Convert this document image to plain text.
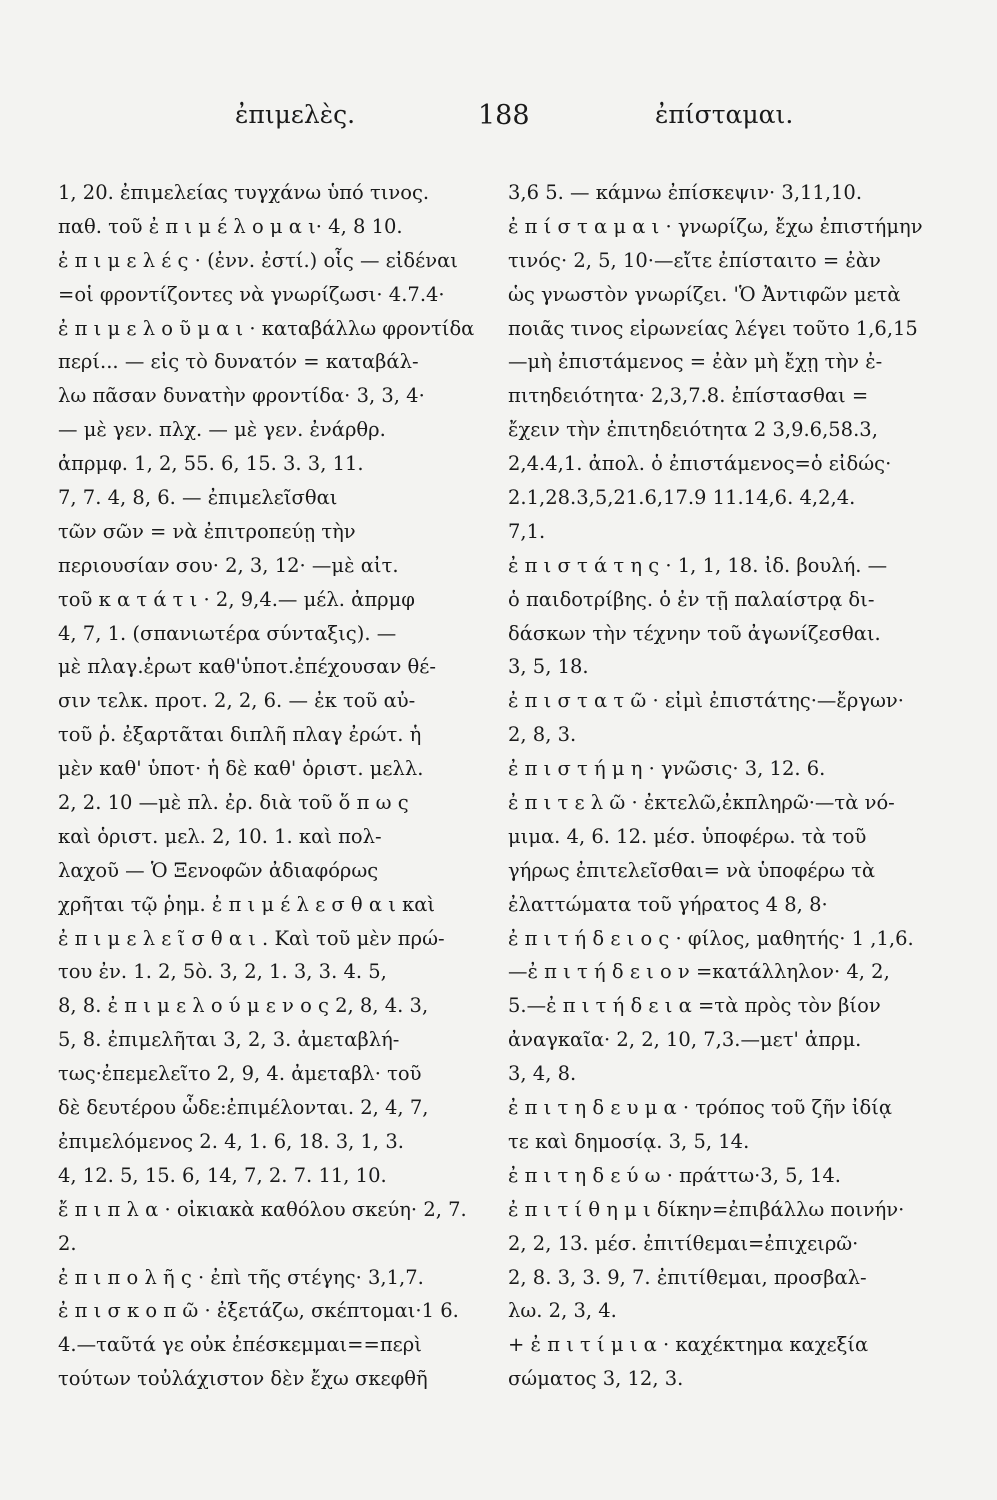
ἐπιμελὲς.	188	ἐπίσταμαι.
1, 20. ἐπιμελείας τυγχάνω ὑπό τινος.
παθ. τοῦ ἐ π ι μ έ λ ο μ α ι· 4, 8 10.
ἐ π ι μ ε λ έ ς · (ἐνν. ἐστί.) οἷς — εἰδέναι
=οἱ φροντίζοντες νὰ γνωρίζωσι· 4.7.4·
ἐ π ι μ ε λ ο ῦ μ α ι · καταβάλλω φροντίδα
περί... — εἰς τὸ δυνατόν = καταβάλ-
λω πᾶσαν δυνατὴν φροντίδα· 3, 3, 4·
— μὲ γεν. πλχ. — μὲ γεν. ἐνάρθρ.
ἀπρμφ. 1, 2, 55. 6, 15. 3. 3, 11.
7, 7. 4, 8, 6. — ἐπιμελεῖσθαι
τῶν σῶν = νὰ ἐπιτροπεύῃ τὴν
περιουσίαν σου· 2, 3, 12· —μὲ αἰτ.
τοῦ κ α τ ά τ ι · 2, 9,4.— μέλ. ἀπρμφ
4, 7, 1. (σπανιωτέρα σύνταξις). —
μὲ πλαγ.ἐρωτ καθ'ὑποτ.ἐπέχουσαν θέ-
σιν τελκ. προτ. 2, 2, 6. — ἐκ τοῦ αὐ-
τοῦ ῥ. ἐξαρτᾶται διπλῆ πλαγ ἐρώτ. ἡ
μὲν καθ' ὑποτ· ἡ δὲ καθ' ὁριστ. μελλ.
2, 2. 10 —μὲ πλ. ἐρ. διὰ τοῦ ὅ π ω ς
καὶ ὁριστ. μελ. 2, 10. 1. καὶ πολ-
λαχοῦ — Ὁ Ξενοφῶν ἀδιαφόρως
χρῆται τῷ ῥημ. ἐ π ι μ έ λ ε σ θ α ι καὶ
ἐ π ι μ ε λ ε ῖ σ θ α ι . Καὶ τοῦ μὲν πρώ-
του ἐν. 1. 2, 5ὸ. 3, 2, 1. 3, 3. 4. 5,
8, 8. ἐ π ι μ ε λ ο ύ μ ε ν ο ς 2, 8, 4. 3,
5, 8. ἐπιμελῆται 3, 2, 3. ἀμεταβλή-
τως·ἐπεμελεῖτο 2, 9, 4. ἀμεταβλ· τοῦ
δὲ δευτέρου ὧδε:ἐπιμέλονται. 2, 4, 7,
ἐπιμελόμενος 2. 4, 1. 6, 18. 3, 1, 3.
4, 12. 5, 15. 6, 14, 7, 2. 7. 11, 10.
ἔ π ι π λ α · οἰκιακὰ καθόλου σκεύη· 2, 7.
2.
ἐ π ι π ο λ ῆ ς · ἐπὶ τῆς στέγης· 3,1,7.
ἐ π ι σ κ ο π ῶ · ἐξετάζω, σκέπτομαι·1 6.
4.—ταῦτά γε οὐκ ἐπέσκεμμαι==περὶ
τούτων τοὐλάχιστον δὲν ἔχω σκεφθῆ
3,6 5. — κάμνω ἐπίσκεψιν· 3,11,10.
ἐ π ί σ τ α μ α ι · γνωρίζω, ἔχω ἐπιστήμην
τινός· 2, 5, 10·—εἴτε ἐπίσταιτο = ἐὰν
ὡς γνωστὸν γνωρίζει. 'Ὁ Ἀντιφῶν μετὰ
ποιᾶς τινος εἰρωνείας λέγει τοῦτο 1,6,15
—μὴ ἐπιστάμενος = ἐὰν μὴ ἔχῃ τὴν ἐ-
πιτηδειότητα· 2,3,7.8. ἐπίστασθαι =
ἔχειν τὴν ἐπιτηδειότητα 2 3,9.6,58.3,
2,4.4,1. ἀπολ. ὁ ἐπιστάμενος=ὁ εἰδώς·
2.1,28.3,5,21.6,17.9 11.14,6. 4,2,4.
7,1.
ἐ π ι σ τ ά τ η ς · 1, 1, 18. ἰδ. βουλή. —
ὁ παιδοτρίβης. ὁ ἐν τῇ παλαίστρᾳ δι-
δάσκων τὴν τέχνην τοῦ ἀγωνίζεσθαι.
3, 5, 18.
ἐ π ι σ τ α τ ῶ · εἰμὶ ἐπιστάτης·—ἔργων·
2, 8, 3.
ἐ π ι σ τ ή μ η · γνῶσις· 3, 12. 6.
ἐ π ι τ ε λ ῶ · ἐκτελῶ,ἐκπληρῶ·—τὰ νό-
μιμα. 4, 6. 12. μέσ. ὑποφέρω. τὰ τοῦ
γήρως ἐπιτελεῖσθαι= νὰ ὑποφέρω τὰ
ἐλαττώματα τοῦ γήρατος 4 8, 8·
ἐ π ι τ ή δ ε ι ο ς · φίλος, μαθητής· 1 ,1,6.
—ἐ π ι τ ή δ ε ι ο ν =κατάλληλον· 4, 2,
5.—ἐ π ι τ ή δ ε ι α =τὰ πρὸς τὸν βίον
ἀναγκαῖα· 2, 2, 10, 7,3.—μετ' ἀπρμ.
3, 4, 8.
ἐ π ι τ η δ ε υ μ α · τρόπος τοῦ ζῆν ἰδίᾳ
τε καὶ δημοσίᾳ. 3, 5, 14.
ἐ π ι τ η δ ε ύ ω · πράττω·3, 5, 14.
ἐ π ι τ ί θ η μ ι δίκην=ἐπιβάλλω ποινήν·
2, 2, 13. μέσ. ἐπιτίθεμαι=ἐπιχειρῶ·
2, 8. 3, 3. 9, 7. ἐπιτίθεμαι, προσβαλ-
λω. 2, 3, 4.
+ ἐ π ι τ ί μ ι α · καχέκτημα καχεξία
σώματος 3, 12, 3.
